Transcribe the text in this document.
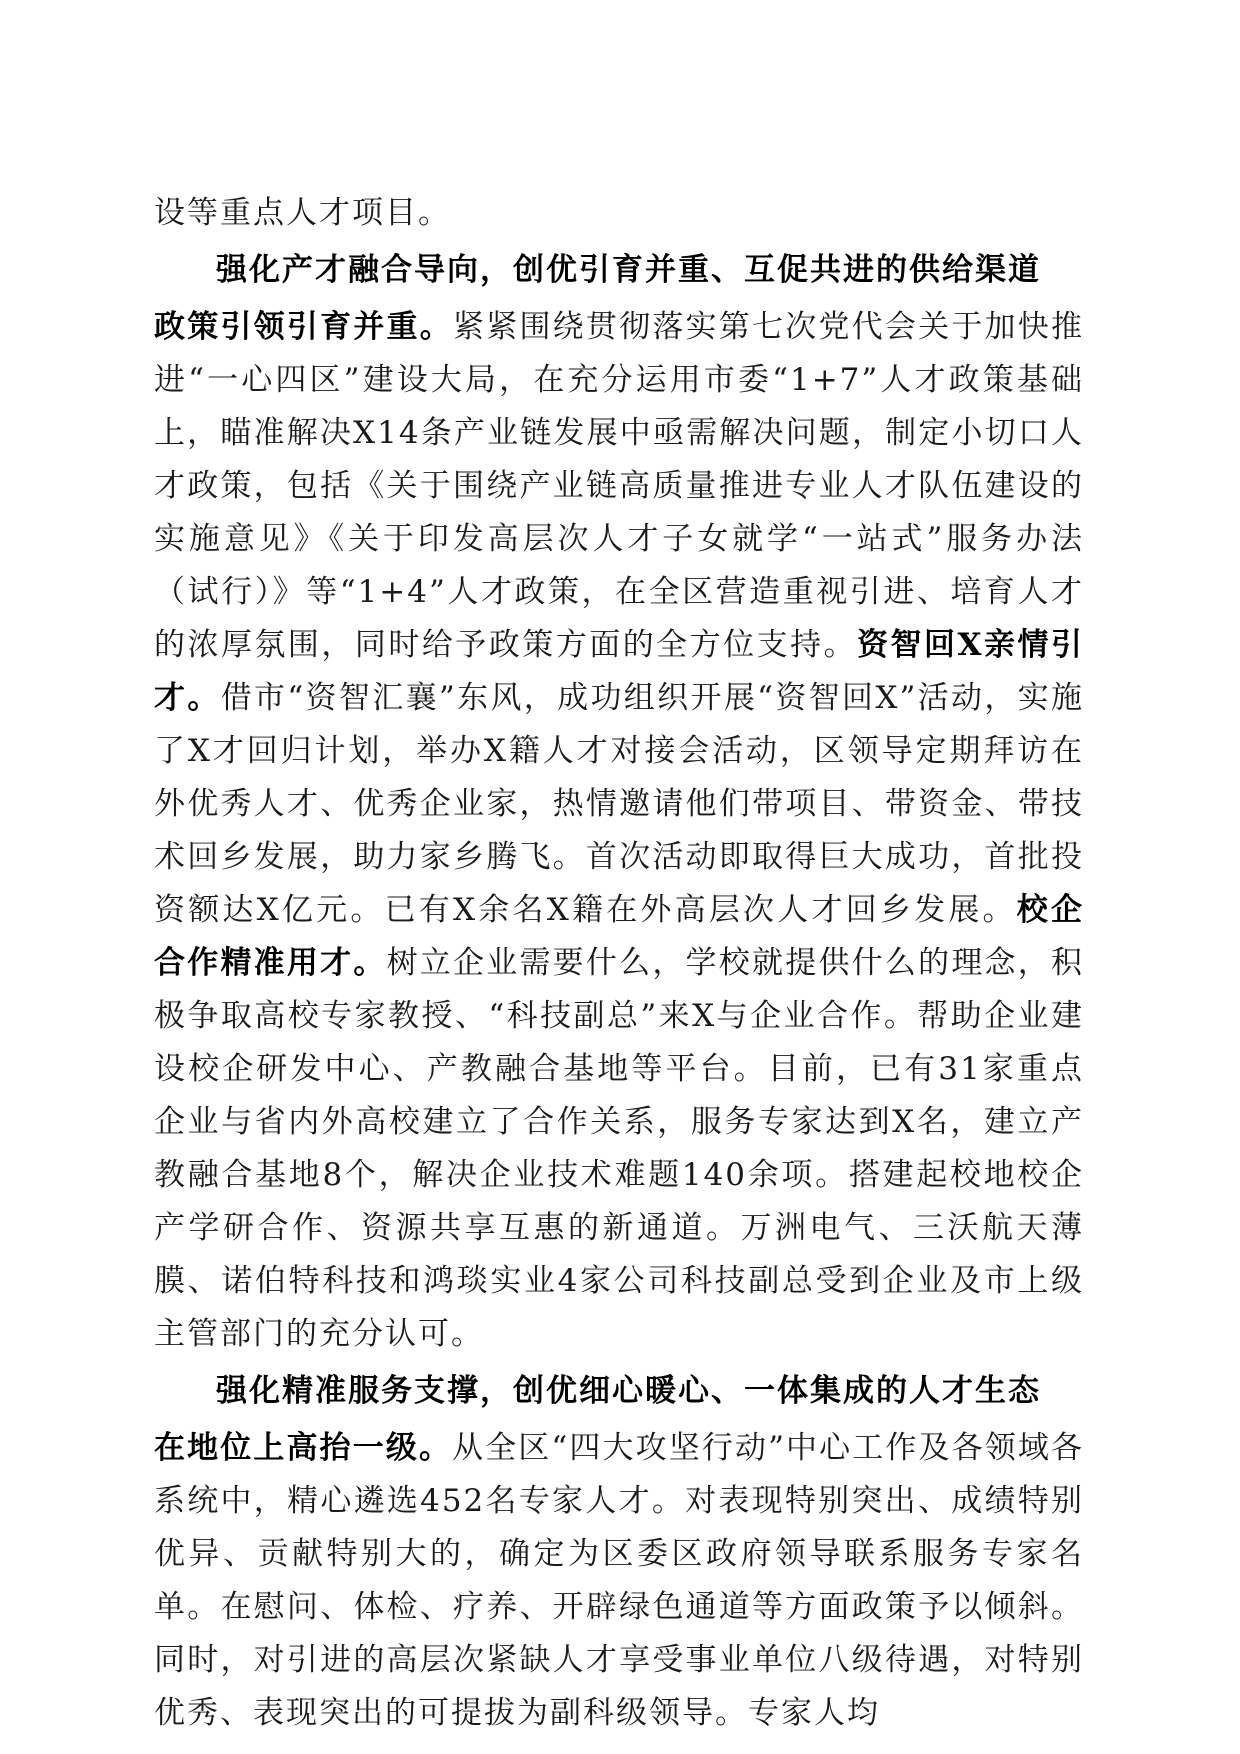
设等重点人才项目。

强化产才融合导向，创优引育并重、互促共进的供给渠道

政策引领引育并重。紧紧围绕贯彻落实第七次党代会关于加快推进“一心四区”建设大局，在充分运用市委“1+7”人才政策基础上，瞄准解决X14条产业链发展中亟需解决问题，制定小切口人才政策，包括《关于围绕产业链高质量推进专业人才队伍建设的实施意见》《关于印发高层次人才子女就学“一站式”服务办法（试行）》等“1+4”人才政策，在全区营造重视引进、培育人才的浓厚氛围，同时给予政策方面的全方位支持。资智回X亲情引才。借市“资智汇襄”东风，成功组织开展“资智回X”活动，实施了X才回归计划，举办X籍人才对接会活动，区领导定期拜访在外优秀人才、优秀企业家，热情邀请他们带项目、带资金、带技术回乡发展，助力家乡腾飞。首次活动即取得巨大成功，首批投资额达X亿元。已有X余名X籍在外高层次人才回乡发展。校企合作精准用才。树立企业需要什么，学校就提供什么的理念，积极争取高校专家教授、“科技副总”来X与企业合作。帮助企业建设校企研发中心、产教融合基地等平台。目前，已有31家重点企业与省内外高校建立了合作关系，服务专家达到X名，建立产教融合基地8个，解决企业技术难题140余项。搭建起校地校企产学研合作、资源共享互惠的新通道。万洲电气、三沃航天薄膜、诺伯特科技和鸿琰实业4家公司科技副总受到企业及市上级主管部门的充分认可。

强化精准服务支撑，创优细心暖心、一体集成的人才生态

在地位上高抬一级。从全区“四大攻坚行动”中心工作及各领域各系统中，精心遴选452名专家人才。对表现特别突出、成绩特别优异、贡献特别大的，确定为区委区政府领导联系服务专家名单。在慰问、体检、疗养、开辟绿色通道等方面政策予以倾斜。同时，对引进的高层次紧缺人才享受事业单位八级待遇，对特别优秀、表现突出的可提拔为副科级领导。专家人均
